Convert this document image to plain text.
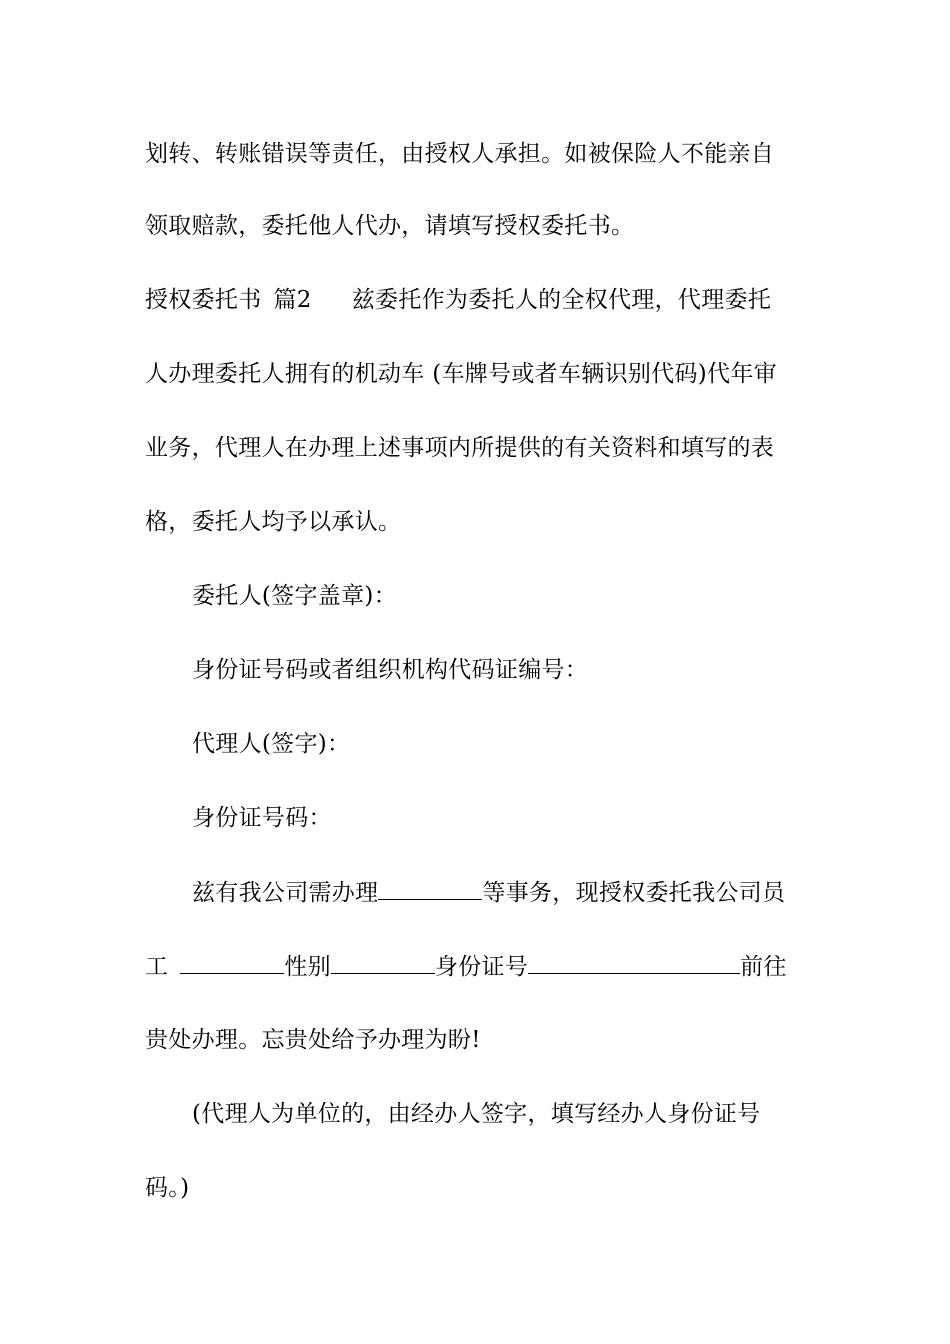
划转、转账错误等责任，由授权人承担。如被保险人不能亲自
领取赔款，委托他人代办，请填写授权委托书。
授权委托书 篇2 兹委托作为委托人的全权代理，代理委托
人办理委托人拥有的机动车 (车牌号或者车辆识别代码)代年审
业务，代理人在办理上述事项内所提供的有关资料和填写的表
格，委托人均予以承认。
委托人(签字盖章)：
身份证号码或者组织机构代码证编号：
代理人(签字)：
身份证号码：
兹有我公司需办理	等事务，现授权委托我公司员
工	性别	身份证号	前往
贵处办理。忘贵处给予办理为盼!
(代理人为单位的，由经办人签字，填写经办人身份证号
码。)
